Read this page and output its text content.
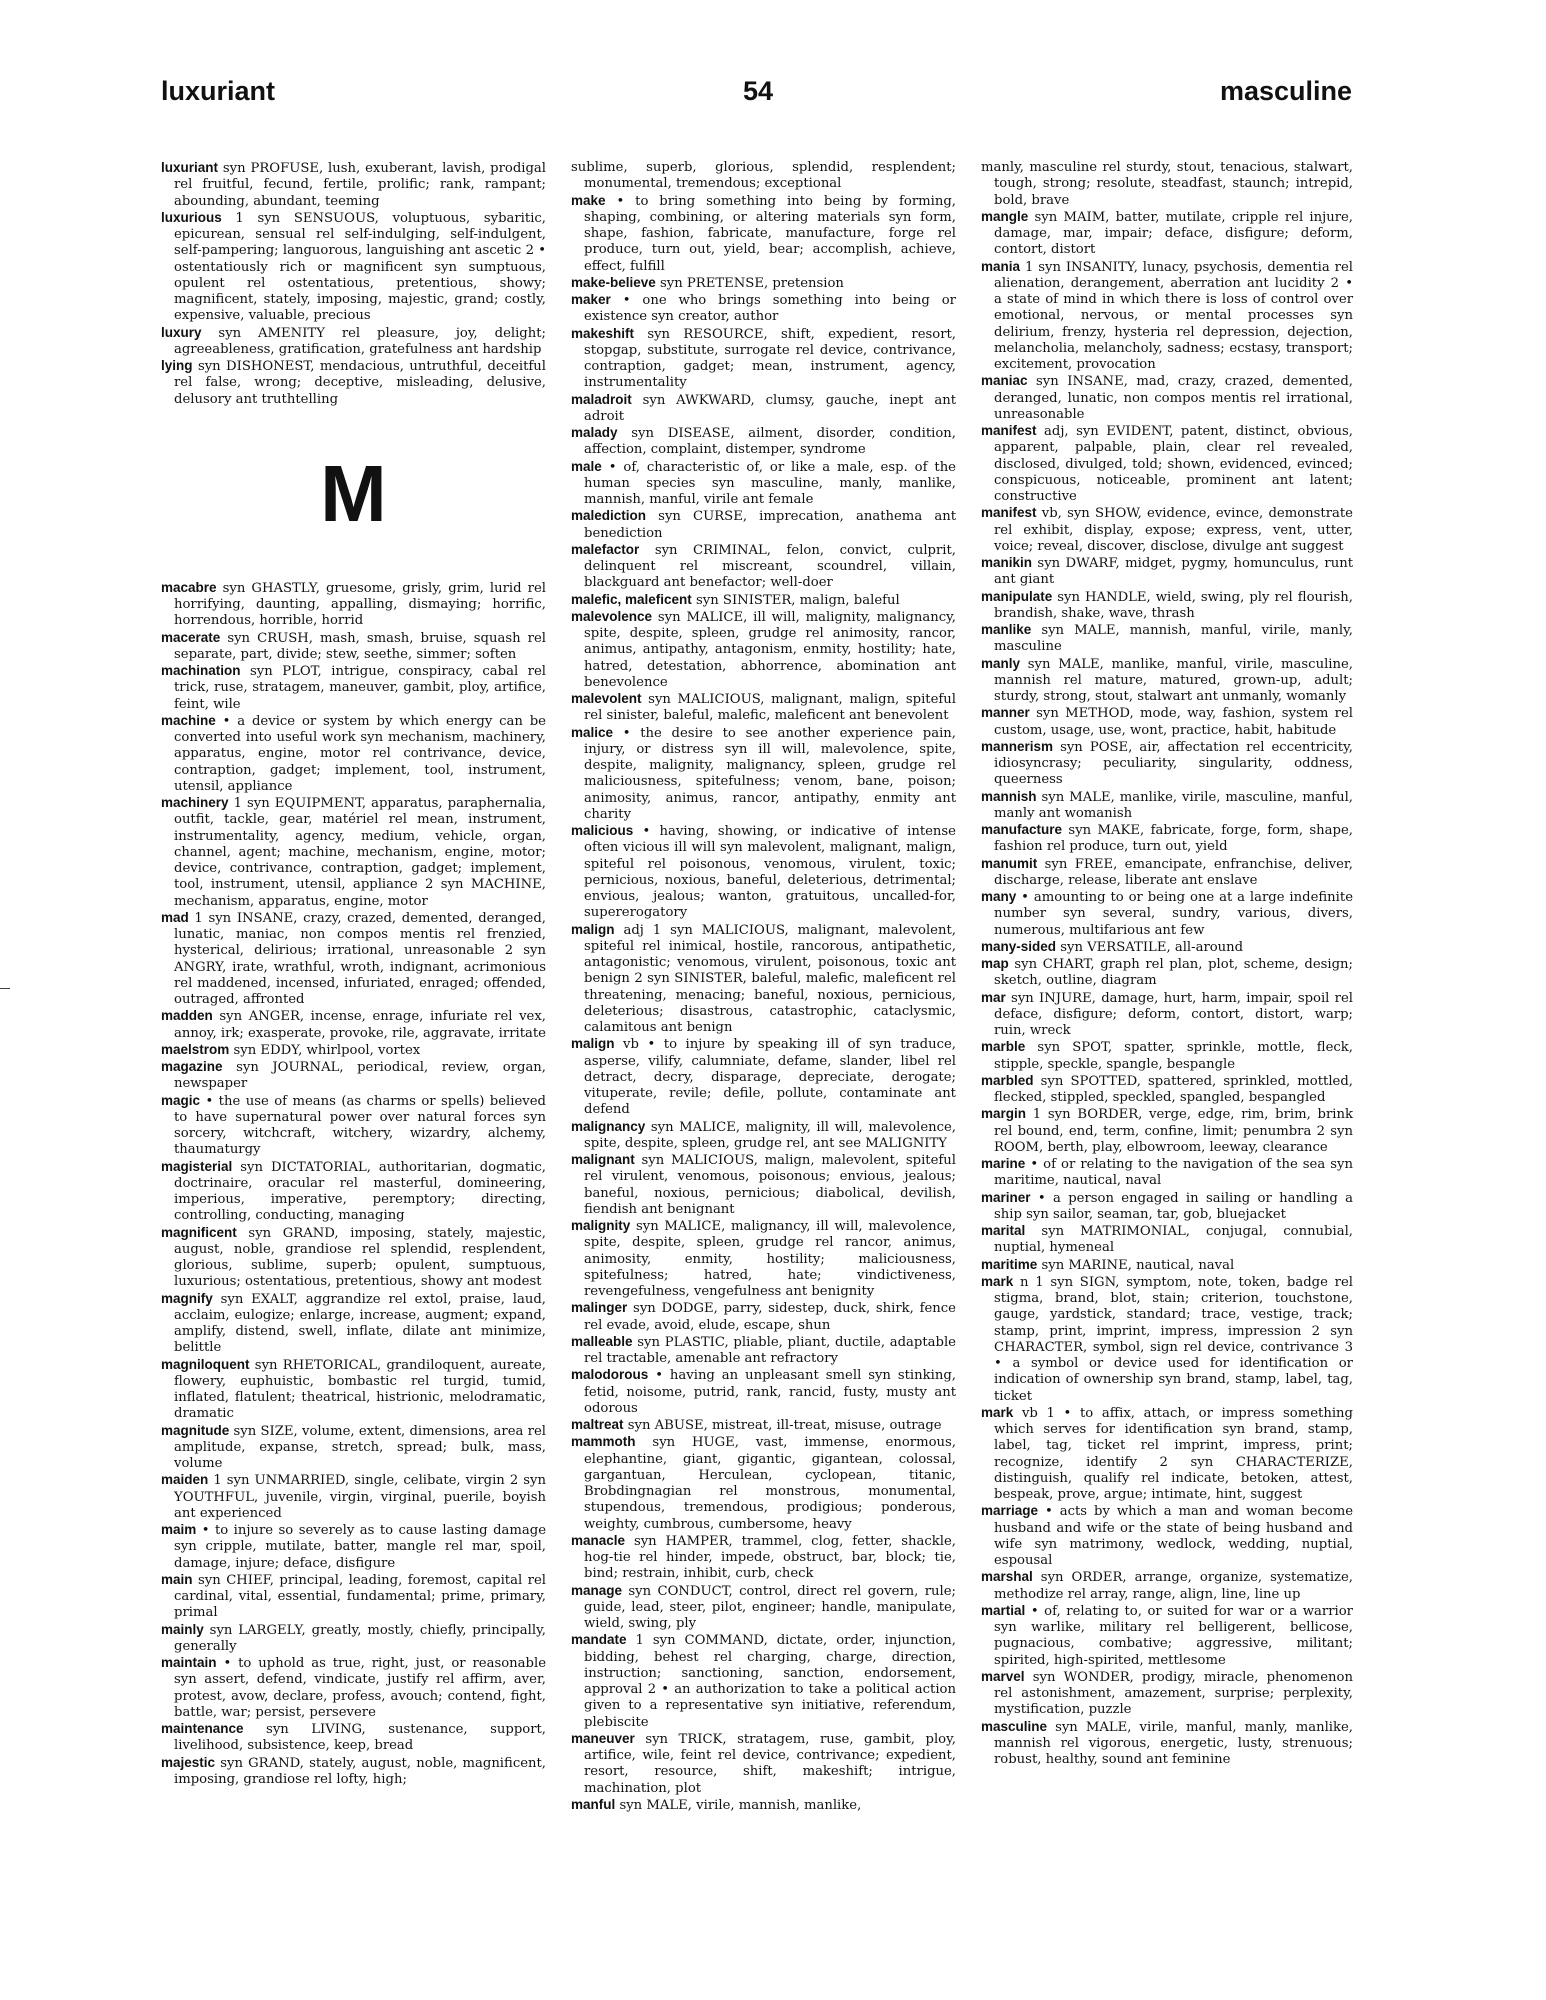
luxuriant	54	masculine

luxuriant syn PROFUSE, lush, exuberant, lavish, prodigal rel fruitful, fecund, fertile, prolific; rank, rampant; abounding, abundant, teeming

luxurious 1 syn SENSUOUS, voluptuous, sybaritic, epicurean, sensual rel self-indulging, self-indulgent, self-pampering; languorous, languishing ant ascetic 2 • ostentatiously rich or magnificent syn sumptuous, opulent rel ostentatious, pretentious, showy; magnificent, stately, imposing, majestic, grand; costly, expensive, valuable, precious

luxury syn AMENITY rel pleasure, joy, delight; agreeableness, gratification, gratefulness ant hardship

lying syn DISHONEST, mendacious, untruthful, deceitful rel false, wrong; deceptive, misleading, delusive, delusory ant truthtelling

M

macabre syn GHASTLY, gruesome, grisly, grim, lurid rel horrifying, daunting, appalling, dismaying; horrific, horrendous, horrible, horrid

macerate syn CRUSH, mash, smash, bruise, squash rel separate, part, divide; stew, seethe, simmer; soften

machination syn PLOT, intrigue, conspiracy, cabal rel trick, ruse, stratagem, maneuver, gambit, ploy, artifice, feint, wile

machine • a device or system by which energy can be converted into useful work syn mechanism, machinery, apparatus, engine, motor rel contrivance, device, contraption, gadget; implement, tool, instrument, utensil, appliance

machinery 1 syn EQUIPMENT, apparatus, paraphernalia, outfit, tackle, gear, matériel rel mean, instrument, instrumentality, agency, medium, vehicle, organ, channel, agent; machine, mechanism, engine, motor; device, contrivance, contraption, gadget; implement, tool, instrument, utensil, appliance 2 syn MACHINE, mechanism, apparatus, engine, motor

mad 1 syn INSANE, crazy, crazed, demented, deranged, lunatic, maniac, non compos mentis rel frenzied, hysterical, delirious; irrational, unreasonable 2 syn ANGRY, irate, wrathful, wroth, indignant, acrimonious rel maddened, incensed, infuriated, enraged; offended, outraged, affronted

madden syn ANGER, incense, enrage, infuriate rel vex, annoy, irk; exasperate, provoke, rile, aggravate, irritate

maelstrom syn EDDY, whirlpool, vortex

magazine syn JOURNAL, periodical, review, organ, newspaper

magic • the use of means (as charms or spells) believed to have supernatural power over natural forces syn sorcery, witchcraft, witchery, wizardry, alchemy, thaumaturgy

magisterial syn DICTATORIAL, authoritarian, dogmatic, doctrinaire, oracular rel masterful, domineering, imperious, imperative, peremptory; directing, controlling, conducting, managing

magnificent syn GRAND, imposing, stately, majestic, august, noble, grandiose rel splendid, resplendent, glorious, sublime, superb; opulent, sumptuous, luxurious; ostentatious, pretentious, showy ant modest

magnify syn EXALT, aggrandize rel extol, praise, laud, acclaim, eulogize; enlarge, increase, augment; expand, amplify, distend, swell, inflate, dilate ant minimize, belittle

magniloquent syn RHETORICAL, grandiloquent, aureate, flowery, euphuistic, bombastic rel turgid, tumid, inflated, flatulent; theatrical, histrionic, melodramatic, dramatic

magnitude syn SIZE, volume, extent, dimensions, area rel amplitude, expanse, stretch, spread; bulk, mass, volume

maiden 1 syn UNMARRIED, single, celibate, virgin 2 syn YOUTHFUL, juvenile, virgin, virginal, puerile, boyish ant experienced

maim • to injure so severely as to cause lasting damage syn cripple, mutilate, batter, mangle rel mar, spoil, damage, injure; deface, disfigure

main syn CHIEF, principal, leading, foremost, capital rel cardinal, vital, essential, fundamental; prime, primary, primal

mainly syn LARGELY, greatly, mostly, chiefly, principally, generally

maintain • to uphold as true, right, just, or reasonable syn assert, defend, vindicate, justify rel affirm, aver, protest, avow, declare, profess, avouch; contend, fight, battle, war; persist, persevere

maintenance syn LIVING, sustenance, support, livelihood, subsistence, keep, bread

majestic syn GRAND, stately, august, noble, magnificent, imposing, grandiose rel lofty, high;

sublime, superb, glorious, splendid, resplendent; monumental, tremendous; exceptional

make • to bring something into being by forming, shaping, combining, or altering materials syn form, shape, fashion, fabricate, manufacture, forge rel produce, turn out, yield, bear; accomplish, achieve, effect, fulfill

make-believe syn PRETENSE, pretension

maker • one who brings something into being or existence syn creator, author

makeshift syn RESOURCE, shift, expedient, resort, stopgap, substitute, surrogate rel device, contrivance, contraption, gadget; mean, instrument, agency, instrumentality

maladroit syn AWKWARD, clumsy, gauche, inept ant adroit

malady syn DISEASE, ailment, disorder, condition, affection, complaint, distemper, syndrome

male • of, characteristic of, or like a male, esp. of the human species syn masculine, manly, manlike, mannish, manful, virile ant female

malediction syn CURSE, imprecation, anathema ant benediction

malefactor syn CRIMINAL, felon, convict, culprit, delinquent rel miscreant, scoundrel, villain, blackguard ant benefactor; well-doer

malefic, maleficent syn SINISTER, malign, baleful

malevolence syn MALICE, ill will, malignity, malignancy, spite, despite, spleen, grudge rel animosity, rancor, animus, antipathy, antagonism, enmity, hostility; hate, hatred, detestation, abhorrence, abomination ant benevolence

malevolent syn MALICIOUS, malignant, malign, spiteful rel sinister, baleful, malefic, maleficent ant benevolent

malice • the desire to see another experience pain, injury, or distress syn ill will, malevolence, spite, despite, malignity, malignancy, spleen, grudge rel maliciousness, spitefulness; venom, bane, poison; animosity, animus, rancor, antipathy, enmity ant charity

malicious • having, showing, or indicative of intense often vicious ill will syn malevolent, malignant, malign, spiteful rel poisonous, venomous, virulent, toxic; pernicious, noxious, baneful, deleterious, detrimental; envious, jealous; wanton, gratuitous, uncalled-for, supererogatory

malign adj 1 syn MALICIOUS, malignant, malevolent, spiteful rel inimical, hostile, rancorous, antipathetic, antagonistic; venomous, virulent, poisonous, toxic ant benign 2 syn SINISTER, baleful, malefic, maleficent rel threatening, menacing; baneful, noxious, pernicious, deleterious; disastrous, catastrophic, cataclysmic, calamitous ant benign

malign vb • to injure by speaking ill of syn traduce, asperse, vilify, calumniate, defame, slander, libel rel detract, decry, disparage, depreciate, derogate; vituperate, revile; defile, pollute, contaminate ant defend

malignancy syn MALICE, malignity, ill will, malevolence, spite, despite, spleen, grudge rel, ant see MALIGNITY

malignant syn MALICIOUS, malign, malevolent, spiteful rel virulent, venomous, poisonous; envious, jealous; baneful, noxious, pernicious; diabolical, devilish, fiendish ant benignant

malignity syn MALICE, malignancy, ill will, malevolence, spite, despite, spleen, grudge rel rancor, animus, animosity, enmity, hostility; maliciousness, spitefulness; hatred, hate; vindictiveness, revengefulness, vengefulness ant benignity

malinger syn DODGE, parry, sidestep, duck, shirk, fence rel evade, avoid, elude, escape, shun

malleable syn PLASTIC, pliable, pliant, ductile, adaptable rel tractable, amenable ant refractory

malodorous • having an unpleasant smell syn stinking, fetid, noisome, putrid, rank, rancid, fusty, musty ant odorous

maltreat syn ABUSE, mistreat, ill-treat, misuse, outrage

mammoth syn HUGE, vast, immense, enormous, elephantine, giant, gigantic, gigantean, colossal, gargantuan, Herculean, cyclopean, titanic, Brobdingnagian rel monstrous, monumental, stupendous, tremendous, prodigious; ponderous, weighty, cumbrous, cumbersome, heavy

manacle syn HAMPER, trammel, clog, fetter, shackle, hog-tie rel hinder, impede, obstruct, bar, block; tie, bind; restrain, inhibit, curb, check

manage syn CONDUCT, control, direct rel govern, rule; guide, lead, steer, pilot, engineer; handle, manipulate, wield, swing, ply

mandate 1 syn COMMAND, dictate, order, injunction, bidding, behest rel charging, charge, direction, instruction; sanctioning, sanction, endorsement, approval 2 • an authorization to take a political action given to a representative syn initiative, referendum, plebiscite

maneuver syn TRICK, stratagem, ruse, gambit, ploy, artifice, wile, feint rel device, contrivance; expedient, resort, resource, shift, makeshift; intrigue, machination, plot

manful syn MALE, virile, mannish, manlike,

manly, masculine rel sturdy, stout, tenacious, stalwart, tough, strong; resolute, steadfast, staunch; intrepid, bold, brave

mangle syn MAIM, batter, mutilate, cripple rel injure, damage, mar, impair; deface, disfigure; deform, contort, distort

mania 1 syn INSANITY, lunacy, psychosis, dementia rel alienation, derangement, aberration ant lucidity 2 • a state of mind in which there is loss of control over emotional, nervous, or mental processes syn delirium, frenzy, hysteria rel depression, dejection, melancholia, melancholy, sadness; ecstasy, transport; excitement, provocation

maniac syn INSANE, mad, crazy, crazed, demented, deranged, lunatic, non compos mentis rel irrational, unreasonable

manifest adj, syn EVIDENT, patent, distinct, obvious, apparent, palpable, plain, clear rel revealed, disclosed, divulged, told; shown, evidenced, evinced; conspicuous, noticeable, prominent ant latent; constructive

manifest vb, syn SHOW, evidence, evince, demonstrate rel exhibit, display, expose; express, vent, utter, voice; reveal, discover, disclose, divulge ant suggest

manikin syn DWARF, midget, pygmy, homunculus, runt ant giant

manipulate syn HANDLE, wield, swing, ply rel flourish, brandish, shake, wave, thrash

manlike syn MALE, mannish, manful, virile, manly, masculine

manly syn MALE, manlike, manful, virile, masculine, mannish rel mature, matured, grown-up, adult; sturdy, strong, stout, stalwart ant unmanly, womanly

manner syn METHOD, mode, way, fashion, system rel custom, usage, use, wont, practice, habit, habitude

mannerism syn POSE, air, affectation rel eccentricity, idiosyncrasy; peculiarity, singularity, oddness, queerness

mannish syn MALE, manlike, virile, masculine, manful, manly ant womanish

manufacture syn MAKE, fabricate, forge, form, shape, fashion rel produce, turn out, yield

manumit syn FREE, emancipate, enfranchise, deliver, discharge, release, liberate ant enslave

many • amounting to or being one at a large indefinite number syn several, sundry, various, divers, numerous, multifarious ant few

many-sided syn VERSATILE, all-around

map syn CHART, graph rel plan, plot, scheme, design; sketch, outline, diagram

mar syn INJURE, damage, hurt, harm, impair, spoil rel deface, disfigure; deform, contort, distort, warp; ruin, wreck

marble syn SPOT, spatter, sprinkle, mottle, fleck, stipple, speckle, spangle, bespangle

marbled syn SPOTTED, spattered, sprinkled, mottled, flecked, stippled, speckled, spangled, bespangled

margin 1 syn BORDER, verge, edge, rim, brim, brink rel bound, end, term, confine, limit; penumbra 2 syn ROOM, berth, play, elbowroom, leeway, clearance

marine • of or relating to the navigation of the sea syn maritime, nautical, naval

mariner • a person engaged in sailing or handling a ship syn sailor, seaman, tar, gob, bluejacket

marital syn MATRIMONIAL, conjugal, connubial, nuptial, hymeneal

maritime syn MARINE, nautical, naval

mark n 1 syn SIGN, symptom, note, token, badge rel stigma, brand, blot, stain; criterion, touchstone, gauge, yardstick, standard; trace, vestige, track; stamp, print, imprint, impress, impression 2 syn CHARACTER, symbol, sign rel device, contrivance 3 • a symbol or device used for identification or indication of ownership syn brand, stamp, label, tag, ticket

mark vb 1 • to affix, attach, or impress something which serves for identification syn brand, stamp, label, tag, ticket rel imprint, impress, print; recognize, identify 2 syn CHARACTERIZE, distinguish, qualify rel indicate, betoken, attest, bespeak, prove, argue; intimate, hint, suggest

marriage • acts by which a man and woman become husband and wife or the state of being husband and wife syn matrimony, wedlock, wedding, nuptial, espousal

marshal syn ORDER, arrange, organize, systematize, methodize rel array, range, align, line, line up

martial • of, relating to, or suited for war or a warrior syn warlike, military rel belligerent, bellicose, pugnacious, combative; aggressive, militant; spirited, high-spirited, mettlesome

marvel syn WONDER, prodigy, miracle, phenomenon rel astonishment, amazement, surprise; perplexity, mystification, puzzle

masculine syn MALE, virile, manful, manly, manlike, mannish rel vigorous, energetic, lusty, strenuous; robust, healthy, sound ant feminine
